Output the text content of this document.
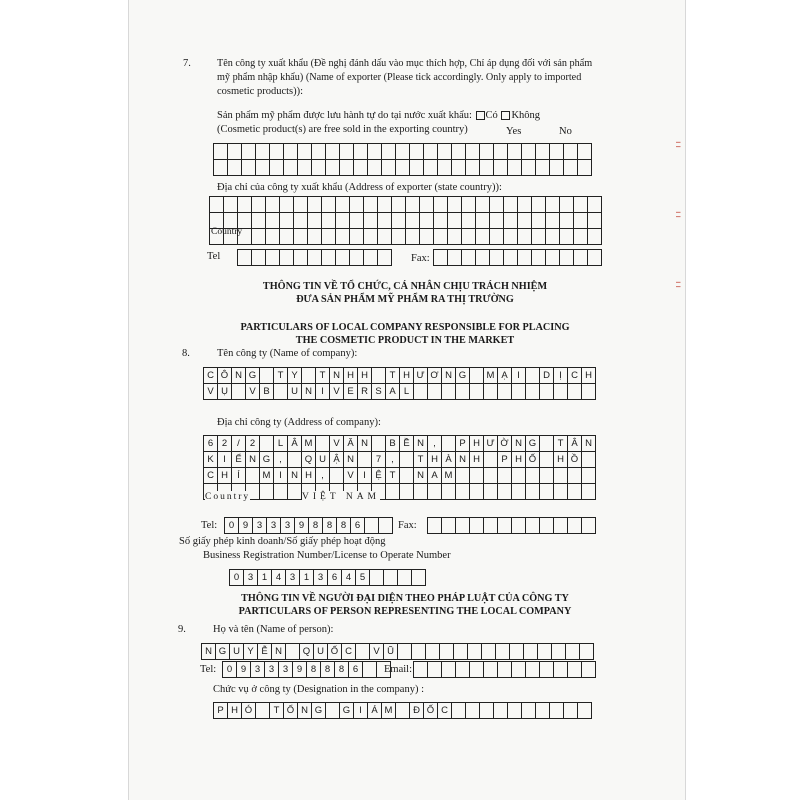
7.	Tên công ty xuất khẩu (Đề nghị đánh dấu vào mục thích hợp, Chỉ áp dụng đối với sản phẩm
mỹ phẩm nhập khẩu) (Name of exporter (Please tick accordingly. Only apply to imported
cosmetic products)):
Sản phẩm mỹ phẩm được lưu hành tự do tại nước xuất khẩu: Có Không
(Cosmetic product(s) are free sold in the exporting country)	Yes	No
Địa chỉ của công ty xuất khẩu (Address of exporter (state country)):
Country
Tel	Fax:
THÔNG TIN VỀ TỔ CHỨC, CÁ NHÂN CHỊU TRÁCH NHIỆM
ĐƯA SẢN PHẨM MỸ PHẨM RA THỊ TRƯỜNG
PARTICULARS OF LOCAL COMPANY RESPONSIBLE FOR PLACING
THE COSMETIC PRODUCT IN THE MARKET
8.	Tên công ty (Name of company):
C Ô N G	T Y	T N H H	T H Ư Ơ N G	M Ạ	I	D Ị C H
V Ụ	V B	U N I	V E R S A L
Địa chỉ công ty (Address of company):
6 2	/	2	L Â M	V Ă N	B Ề N ,	P H Ư Ờ N G	T Â N
K	I	Ể N G ,	Q U Ậ N	7	,	T H À N H	P H Ố	H Ồ
C H Í	M I N H ,	V	I	Ệ T	N A M
Country	VIỆT NAM
Tel:	0 9 3 3 3 9 8 8 8 6	Fax:
Số giấy phép kinh doanh/Số giấy phép hoạt động
Business Registration Number/License to Operate Number
0 3 1 4 3 1 3 6 4 5
THÔNG TIN VỀ NGƯỜI ĐẠI DIỆN THEO PHÁP LUẬT CỦA CÔNG TY
PARTICULARS OF PERSON REPRESENTING THE LOCAL COMPANY
9.	Họ và tên (Name of person):
N G U Y Ễ N	Q U Ố C	V Ũ
Tel:	0 9 3 3 3 9 8 8 8 6	Email:
Chức vụ ở công ty (Designation in the company) :
P H Ó	T Ổ N G	G I	Á M	Đ Ố C
ı ı
ı ı
ı ı
